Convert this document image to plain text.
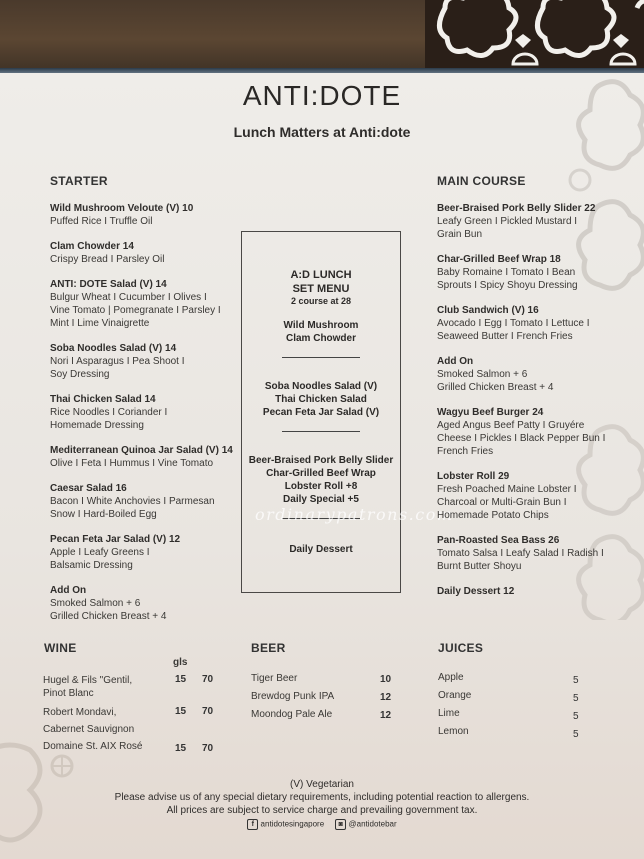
ANTI:DOTE
Lunch Matters at Anti:dote
STARTER
Wild Mushroom Veloute (V) 10
Puffed Rice I Truffle Oil
Clam Chowder 14
Crispy Bread I Parsley Oil
ANTI: DOTE Salad (V) 14
Bulgur Wheat I Cucumber I Olives I
Vine Tomato | Pomegranate I Parsley I
Mint I Lime Vinaigrette
Soba Noodles Salad (V) 14
Nori I Asparagus I Pea Shoot I
Soy Dressing
Thai Chicken Salad 14
Rice Noodles I Coriander I
Homemade Dressing
Mediterranean Quinoa Jar Salad (V) 14
Olive I Feta I Hummus I Vine Tomato
Caesar Salad 16
Bacon I White Anchovies I Parmesan
Snow I Hard-Boiled Egg
Pecan Feta Jar Salad (V) 12
Apple I Leafy Greens I
Balsamic Dressing
Add On
Smoked Salmon + 6
Grilled Chicken Breast + 4
A:D LUNCH
SET MENU
2 course at 28
Wild Mushroom
Clam Chowder
Soba Noodles Salad (V)
Thai Chicken Salad
Pecan Feta Jar Salad (V)
Beer-Braised Pork Belly Slider
Char-Grilled Beef Wrap
Lobster Roll +8
Daily Special +5
Daily Dessert
ordinarypatrons.com
MAIN COURSE
Beer-Braised Pork Belly Slider 22
Leafy Green I Pickled Mustard I
Grain Bun
Char-Grilled Beef Wrap 18
Baby Romaine I Tomato I Bean
Sprouts I Spicy Shoyu Dressing
Club Sandwich (V) 16
Avocado I Egg I Tomato I Lettuce I
Seaweed Butter I French Fries
Add On
Smoked Salmon + 6
Grilled Chicken Breast + 4
Wagyu Beef Burger 24
Aged Angus Beef Patty I Gruyére
Cheese I Pickles I Black Pepper Bun I
French Fries
Lobster Roll 29
Fresh Poached Maine Lobster I
Charcoal or Multi-Grain Bun I
Homemade Potato Chips
Pan-Roasted Sea Bass 26
Tomato Salsa I Leafy Salad I Radish I
Burnt Butter Shoyu
Daily Dessert 12
WINE
gls
Hugel & Fils "Gentil,
Pinot Blanc
15 70
Robert Mondavi,
Cabernet Sauvignon
15 70
Domaine St. AIX Rosé	15 70
BEER
Tiger Beer	10
Brewdog Punk IPA	12
Moondog Pale Ale	12
JUICES
Apple	5
Orange	5
Lime	5
Lemon	5
(V) Vegetarian
Please advise us of any special dietary requirements, including potential reaction to allergens.
All prices are subject to service charge and prevailing government tax.
f antidotesingapore ◙ @antidotebar
